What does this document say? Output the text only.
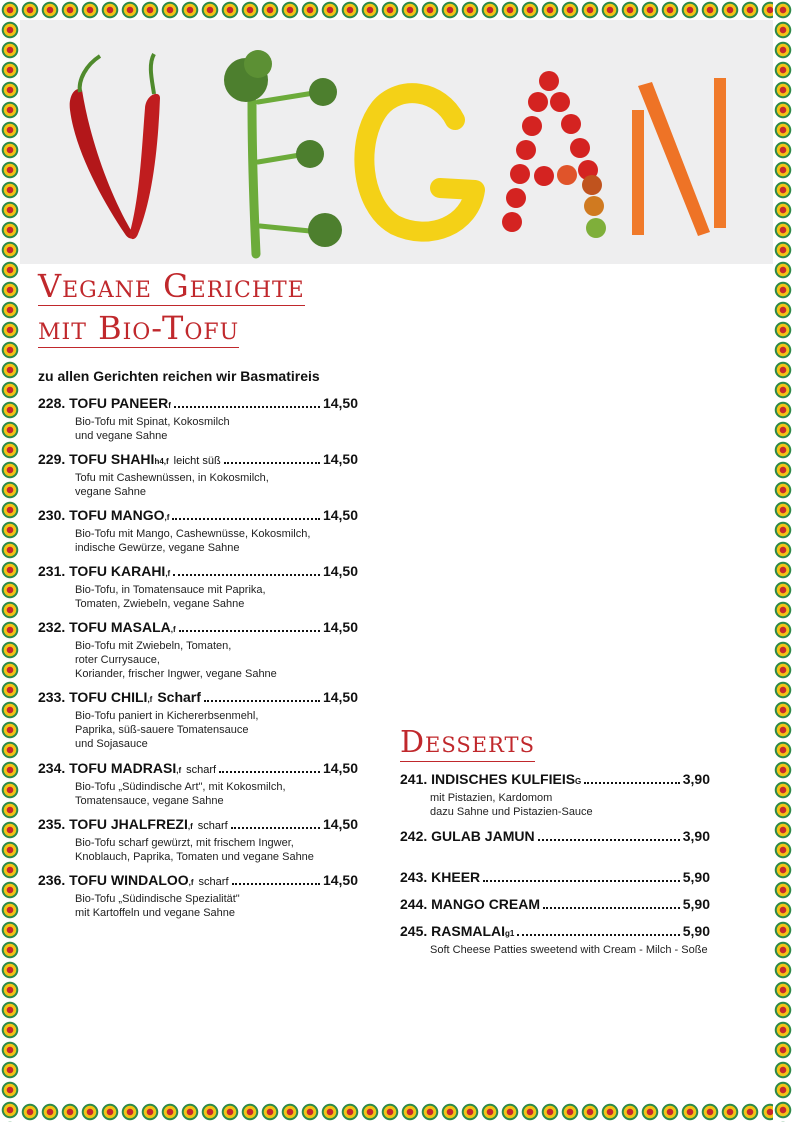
Vegane Gerichte
mit Bio-Tofu
zu allen Gerichten reichen wir Basmatireis
228. TOFU $PANEER_f$	14,50
Bio-Tofu mit Spinat, Kokosmilch
und vegane Sahne
229. TOFU $SHAHI_{h4,f}$ leicht süß	14,50
Tofu mit Cashewnüssen, in Kokosmilch,
vegane Sahne
230. TOFU $MANGO_{,f}$	14,50
Bio-Tofu mit Mango, Cashewnüsse, Kokosmilch,
indische Gewürze, vegane Sahne
231. TOFU $KARAHI_{,f}$	14,50
Bio-Tofu, in Tomatensauce mit Paprika,
Tomaten, Zwiebeln, vegane Sahne
232. TOFU $MASALA_{,f}$	14,50
Bio-Tofu mit Zwiebeln, Tomaten,
roter Currysauce,
Koriander, frischer Ingwer, vegane Sahne
233. TOFU $CHILI_{,f}$ Scharf	14,50
Bio-Tofu paniert in Kichererbsenmehl,
Paprika, süß-sauere Tomatensauce
und Sojasauce
234. TOFU $MADRASI_{,f}$ scharf	14,50
Bio-Tofu „Südindische Art", mit Kokosmilch,
Tomatensauce, vegane Sahne
235. TOFU $JHALFREZI_{,f}$ scharf	14,50
Bio-Tofu scharf gewürzt, mit frischem Ingwer,
Knoblauch, Paprika, Tomaten und vegane Sahne
236. TOFU $WINDALOO_{,f}$ scharf	14,50
Bio-Tofu „Südindische Spezialität"
mit Kartoffeln und vegane Sahne
Desserts
241. INDISCHES $KULFIEIS_G$	3,90
mit Pistazien, Kardomom
dazu Sahne und Pistazien-Sauce
242. GULAB JAMUN	3,90
243. KHEER	5,90
244. MANGO CREAM	5,90
245. $RASMALAI_{g1}$	5,90
Soft Cheese Patties sweetend with Cream - Milch - Soße
